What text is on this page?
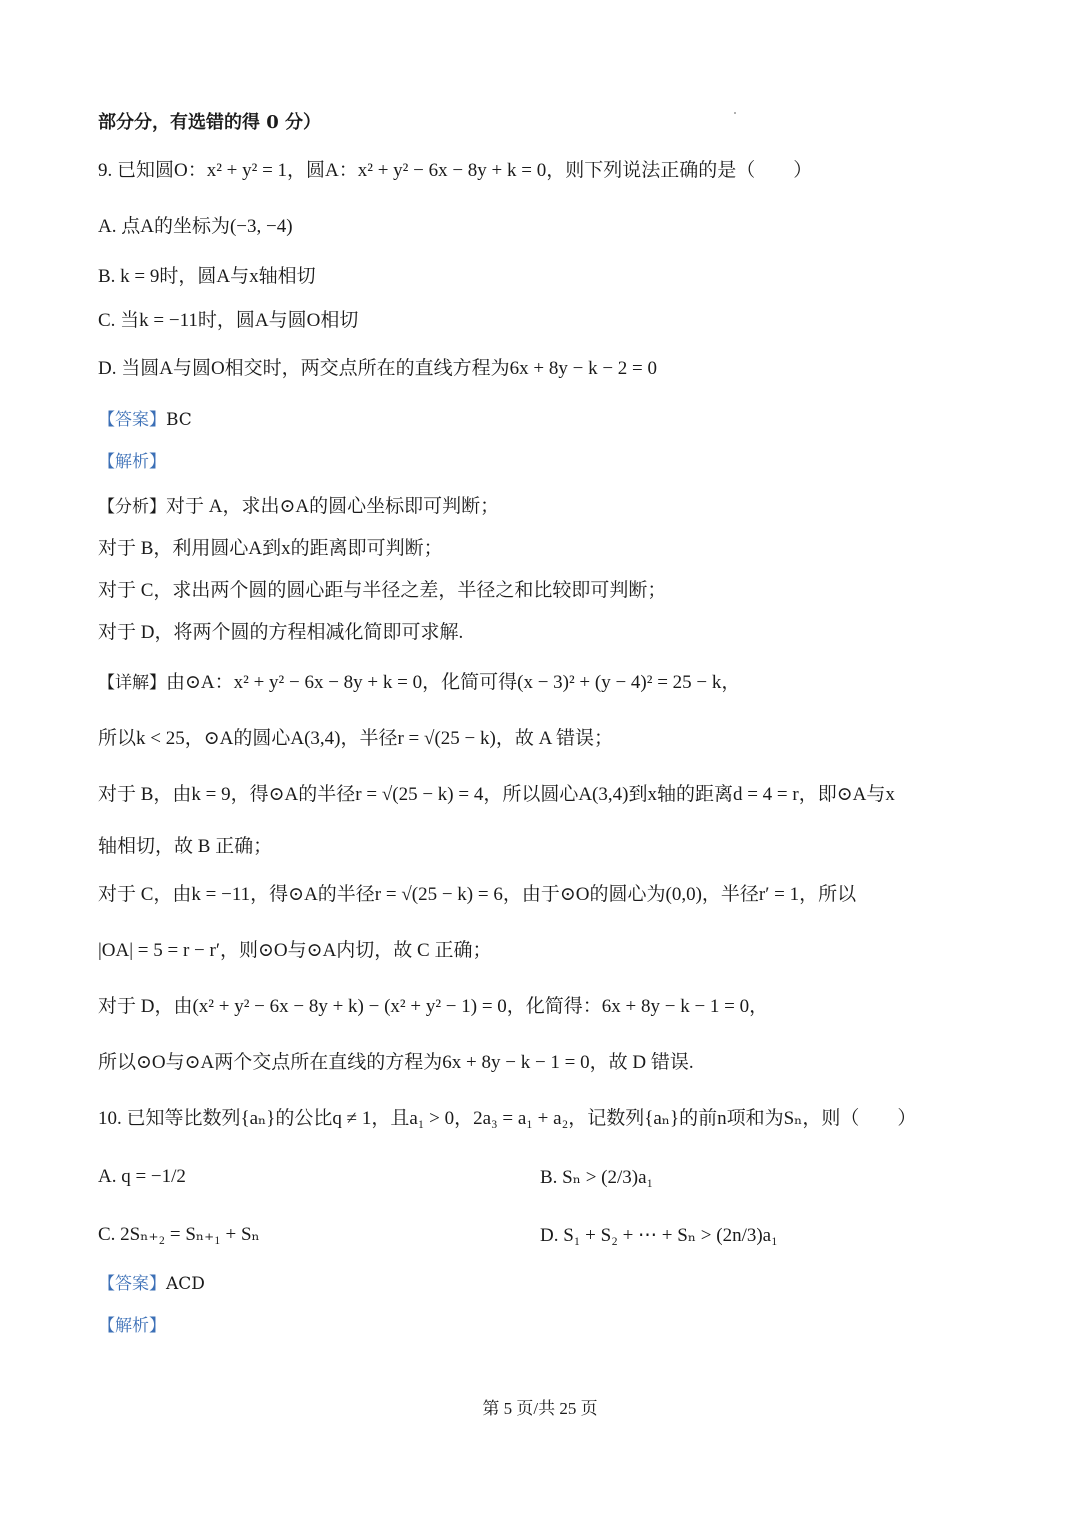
部分分，有选错的得 0 分）
9. 已知圆O：x² + y² = 1，圆A：x² + y² − 6x − 8y + k = 0，则下列说法正确的是（　　）
A. 点A的坐标为(−3, −4)
B. k = 9时，圆A与x轴相切
C. 当k = −11时，圆A与圆O相切
D. 当圆A与圆O相交时，两交点所在的直线方程为6x + 8y − k − 2 = 0
【答案】BC
【解析】
【分析】对于 A，求出⊙A的圆心坐标即可判断；
对于 B，利用圆心A到x的距离即可判断；
对于 C，求出两个圆的圆心距与半径之差，半径之和比较即可判断；
对于 D，将两个圆的方程相减化简即可求解.
【详解】由⊙A：x² + y² − 6x − 8y + k = 0，化简可得(x − 3)² + (y − 4)² = 25 − k，
所以k < 25，⊙A的圆心A(3,4)，半径r = √(25 − k)，故 A 错误；
对于 B，由k = 9，得⊙A的半径r = √(25 − k) = 4，所以圆心A(3,4)到x轴的距离d = 4 = r，即⊙A与x
轴相切，故 B 正确；
对于 C，由k = −11，得⊙A的半径r = √(25 − k) = 6，由于⊙O的圆心为(0,0)，半径r′ = 1，所以
|OA| = 5 = r − r′，则⊙O与⊙A内切，故 C 正确；
对于 D，由(x² + y² − 6x − 8y + k) − (x² + y² − 1) = 0，化简得：6x + 8y − k − 1 = 0，
所以⊙O与⊙A两个交点所在直线的方程为6x + 8y − k − 1 = 0，故 D 错误.
10. 已知等比数列{aₙ}的公比q ≠ 1，且a₁ > 0，2a₃ = a₁ + a₂，记数列{aₙ}的前n项和为Sₙ，则（　　）
A. q = −1/2	B. Sₙ > (2/3)a₁
C. 2Sₙ₊₂ = Sₙ₊₁ + Sₙ	D. S₁ + S₂ + ⋯ + Sₙ > (2n/3)a₁
【答案】ACD
【解析】
第 5 页/共 25 页
